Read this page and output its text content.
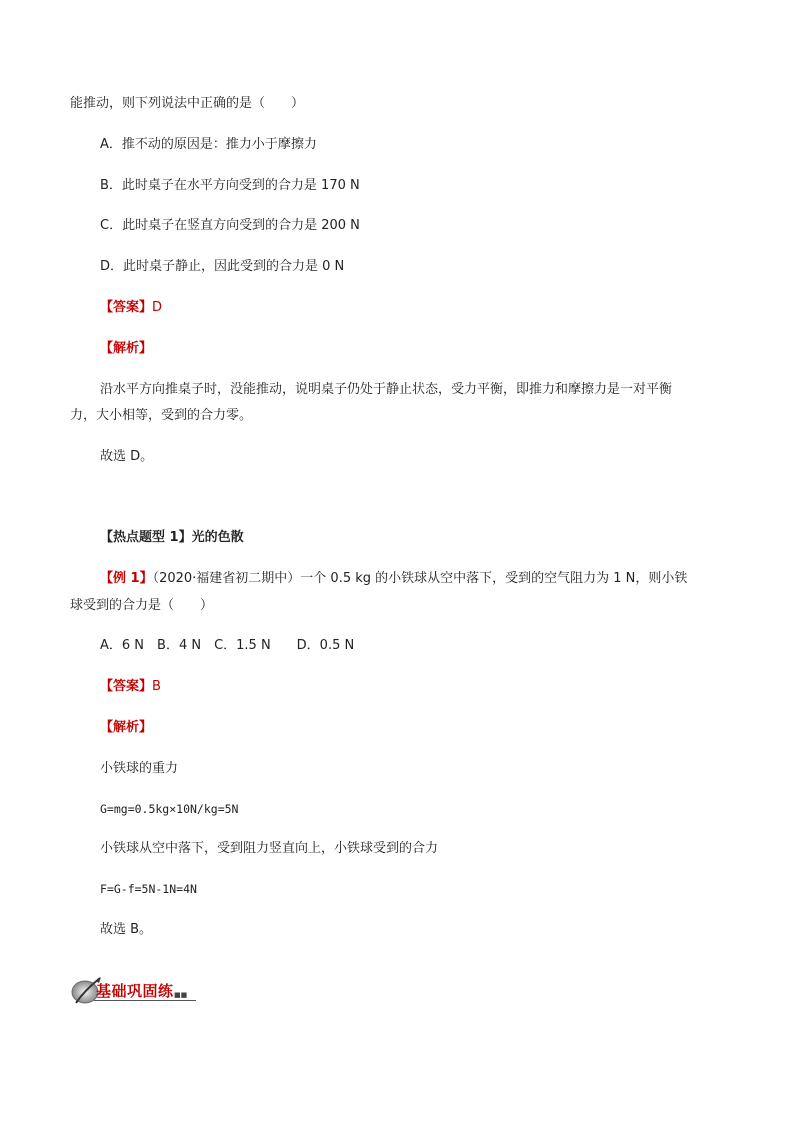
能推动，则下列说法中正确的是（　　）
A．推不动的原因是：推力小于摩擦力
B．此时桌子在水平方向受到的合力是 170 N
C．此时桌子在竖直方向受到的合力是 200 N
D．此时桌子静止，因此受到的合力是 0 N
【答案】D
【解析】
沿水平方向推桌子时，没能推动，说明桌子仍处于静止状态，受力平衡，即推力和摩擦力是一对平衡
力，大小相等，受到的合力零。
故选 D。
【热点题型 1】光的色散
【例 1】（2020·福建省初二期中）一个 0.5 kg 的小铁球从空中落下，受到的空气阻力为 1 N，则小铁
球受到的合力是（　　）
A．6 N　B．4 N　C．1.5 N　　D．0.5 N
【答案】B
【解析】
小铁球的重力
G=mg=0.5kg×10N/kg=5N
小铁球从空中落下，受到阻力竖直向上，小铁球受到的合力
F=G-f=5N-1N=4N
故选 B。
基础巩固练 ■■
